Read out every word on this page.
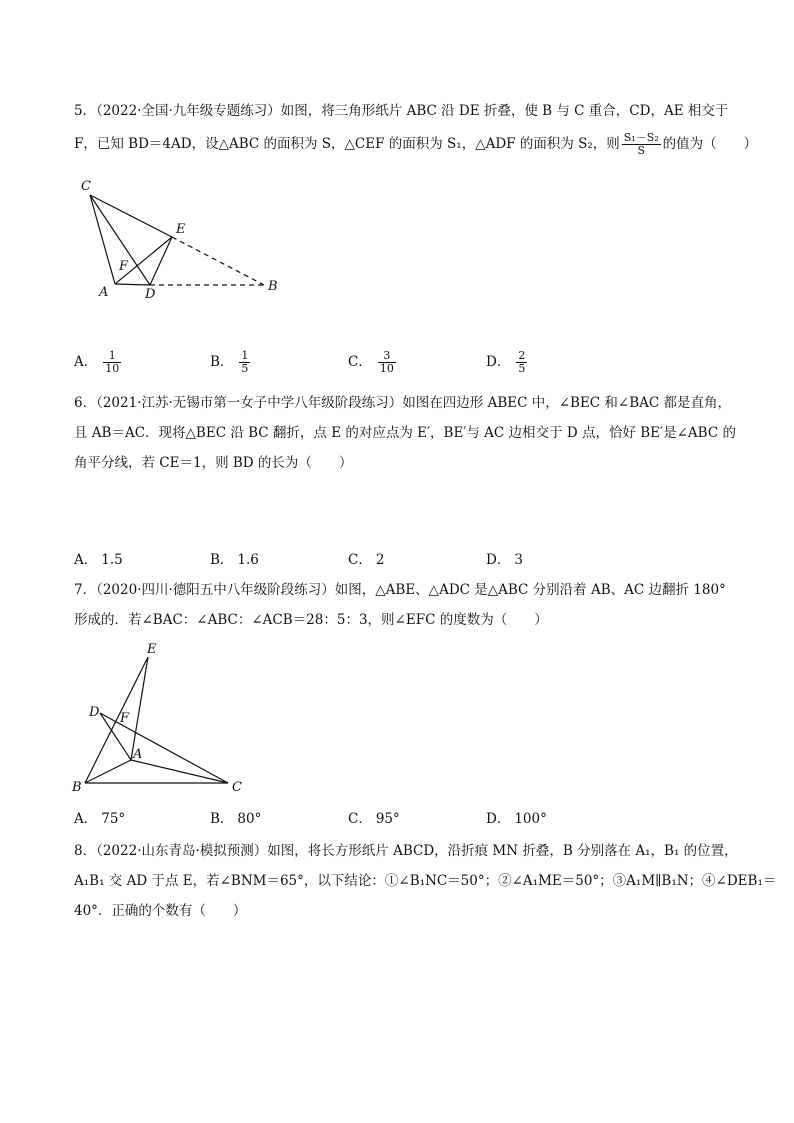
5．（2022·全国·九年级专题练习）如图，将三角形纸片 ABC 沿 DE 折叠，使 B 与 C 重合，CD，AE 相交于
F，已知 BD＝4AD，设△ABC 的面积为 S，△CEF 的面积为 S₁，△ADF 的面积为 S₂，则 $\frac{\text{S₁－S₂}}{S}$ 的值为（　　）
C
E
F
A	D
B
A． $\frac{1}{10}$	B． $\frac{1}{5}$	C． $\frac{3}{10}$	D． $\frac{2}{5}$
6．（2021·江苏·无锡市第一女子中学八年级阶段练习）如图在四边形 ABEC 中，∠BEC 和∠BAC 都是直角，
且 AB＝AC．现将△BEC 沿 BC 翻折，点 E 的对应点为 E′，BE′与 AC 边相交于 D 点，恰好 BE′是∠ABC 的
角平分线，若 CE＝1，则 BD 的长为（　　）
A． 1.5	B． 1.6	C． 2	D． 3
7．（2020·四川·德阳五中八年级阶段练习）如图，△ABE、△ADC 是△ABC 分别沿着 AB、AC 边翻折 180°
形成的．若∠BAC：∠ABC：∠ACB＝28：5：3，则∠EFC 的度数为（　　）
E
D F
A
B	C
A． 75°	B． 80°	C． 95°	D． 100°
8．（2022·山东青岛·模拟预测）如图，将长方形纸片 ABCD，沿折痕 MN 折叠，B 分别落在 A₁，B₁ 的位置，
A₁B₁ 交 AD 于点 E，若∠BNM＝65°，以下结论：①∠B₁NC＝50°；②∠A₁ME＝50°；③A₁M∥B₁N；④∠DEB₁＝
40°．正确的个数有（　　）
